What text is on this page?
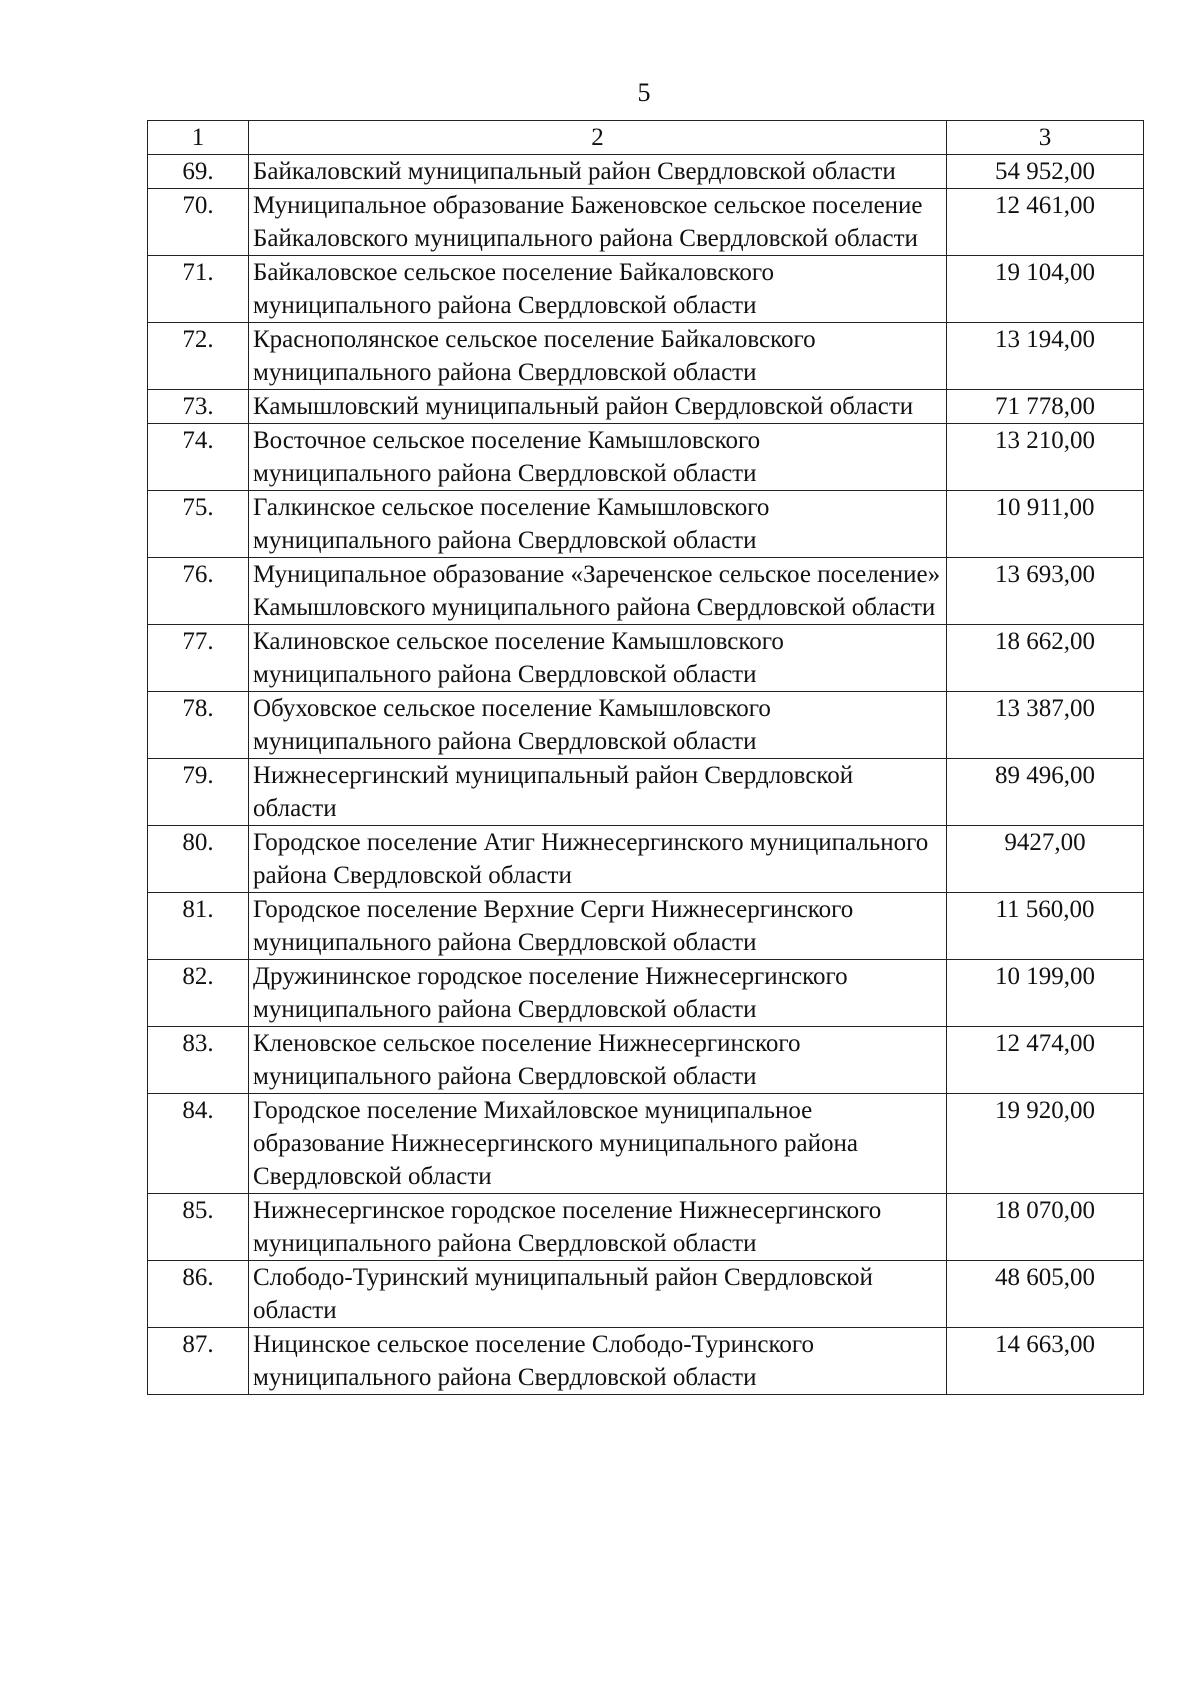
5
1	2	3
69.	Байкаловский муниципальный район Свердловской области	54 952,00
70.	Муниципальное образование Баженовское сельское поселение Байкаловского муниципального района Свердловской области	12 461,00
71.	Байкаловское сельское поселение Байкаловского муниципального района Свердловской области	19 104,00
72.	Краснополянское сельское поселение Байкаловского муниципального района Свердловской области	13 194,00
73.	Камышловский муниципальный район Свердловской области	71 778,00
74.	Восточное сельское поселение Камышловского муниципального района Свердловской области	13 210,00
75.	Галкинское сельское поселение Камышловского муниципального района Свердловской области	10 911,00
76.	Муниципальное образование «Зареченское сельское поселение» Камышловского муниципального района Свердловской области	13 693,00
77.	Калиновское сельское поселение Камышловского муниципального района Свердловской области	18 662,00
78.	Обуховское сельское поселение Камышловского муниципального района Свердловской области	13 387,00
79.	Нижнесергинский муниципальный район Свердловской области	89 496,00
80.	Городское поселение Атиг Нижнесергинского муниципального района Свердловской области	9427,00
81.	Городское поселение Верхние Серги Нижнесергинского муниципального района Свердловской области	11 560,00
82.	Дружининское городское поселение Нижнесергинского муниципального района Свердловской области	10 199,00
83.	Кленовское сельское поселение Нижнесергинского муниципального района Свердловской области	12 474,00
84.	Городское поселение Михайловское муниципальное образование Нижнесергинского муниципального района Свердловской области	19 920,00
85.	Нижнесергинское городское поселение Нижнесергинского муниципального района Свердловской области	18 070,00
86.	Слободо-Туринский муниципальный район Свердловской области	48 605,00
87.	Ницинское сельское поселение Слободо-Туринского муниципального района Свердловской области	14 663,00
